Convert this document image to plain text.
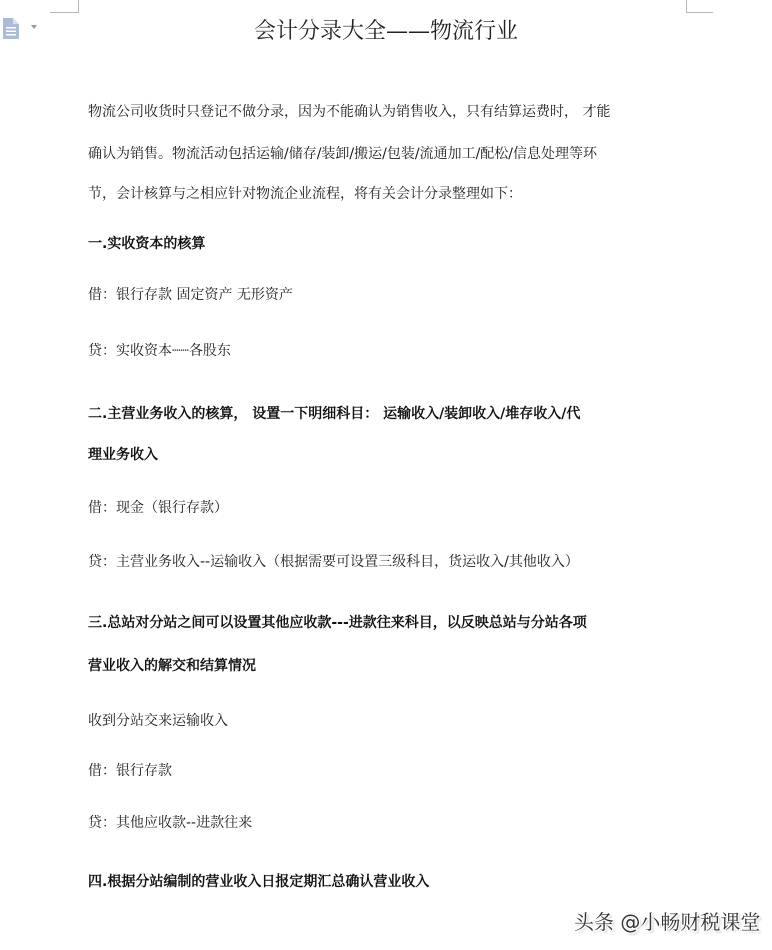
会计分录大全——物流行业
物流公司收货时只登记不做分录，因为不能确认为销售收入，只有结算运费时， 才能
确认为销售。物流活动包括运输/储存/装卸/搬运/包装/流通加工/配松/信息处理等环
节，会计核算与之相应针对物流企业流程，将有关会计分录整理如下：
一.实收资本的核算
借：银行存款 固定资产 无形资产
贷：实收资本┈┈各股东
二.主营业务收入的核算， 设置一下明细科目： 运输收入/装卸收入/堆存收入/代
理业务收入
借：现金（银行存款）
贷：主营业务收入--运输收入（根据需要可设置三级科目，货运收入/其他收入）
三.总站对分站之间可以设置其他应收款---进款往来科目，以反映总站与分站各项
营业收入的解交和结算情况
收到分站交来运输收入
借：银行存款
贷：其他应收款--进款往来
四.根据分站编制的营业收入日报定期汇总确认营业收入
头条 @小畅财税课堂
